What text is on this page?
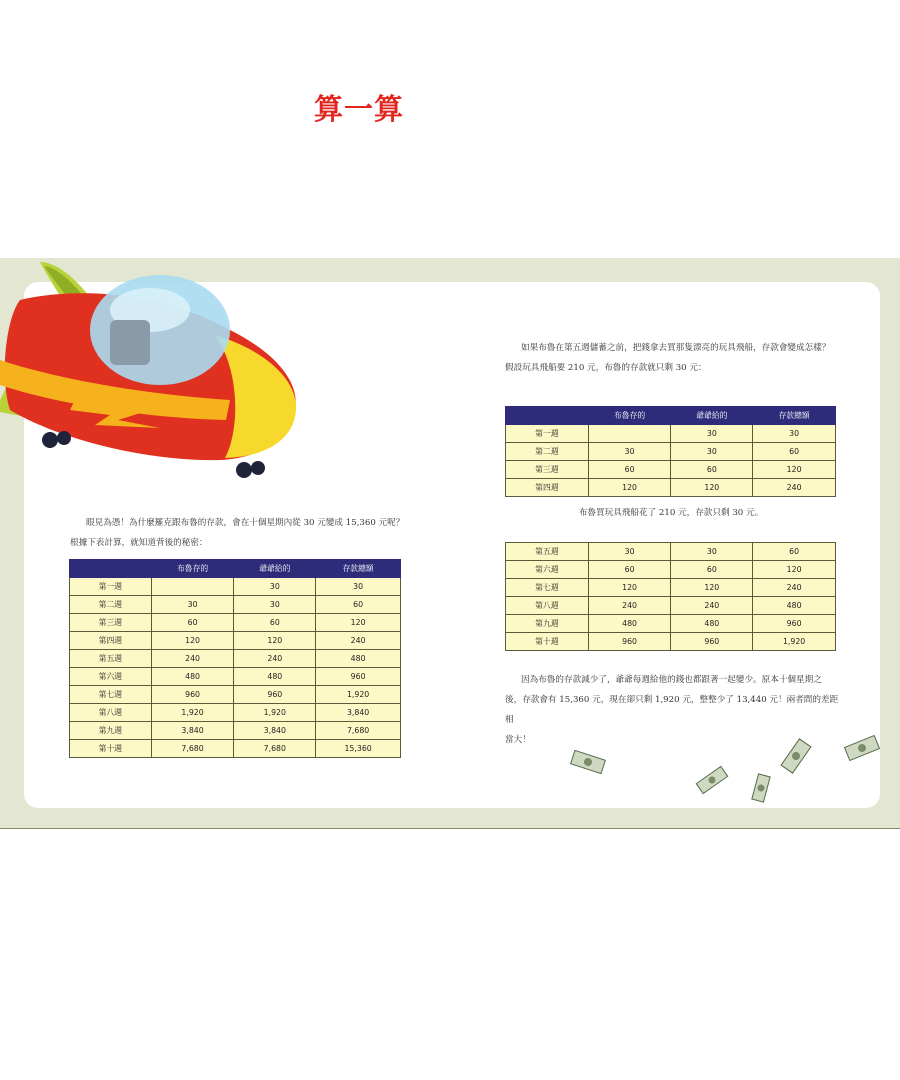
算一算
眼見為憑！為什麼羅克跟布魯的存款，會在十個星期內從 30 元變成 15,360 元呢？
根據下表計算，就知道背後的秘密：
	布魯存的	爺爺給的	存款總額
第一週		30	30
第二週	30	30	60
第三週	60	60	120
第四週	120	120	240
第五週	240	240	480
第六週	480	480	960
第七週	960	960	1,920
第八週	1,920	1,920	3,840
第九週	3,840	3,840	7,680
第十週	7,680	7,680	15,360
如果布魯在第五週儲蓄之前，把錢拿去買那隻漂亮的玩具飛船，存款會變成怎樣？
假設玩具飛船要 210 元，布魯的存款就只剩 30 元：
	布魯存的	爺爺給的	存款總額
第一週		30	30
第二週	30	30	60
第三週	60	60	120
第四週	120	120	240
布魯買玩具飛船花了 210 元，存款只剩 30 元。
第五週	30	30	60
第六週	60	60	120
第七週	120	120	240
第八週	240	240	480
第九週	480	480	960
第十週	960	960	1,920
因為布魯的存款減少了，爺爺每週給他的錢也都跟著一起變少。原本十個星期之
後，存款會有 15,360 元，現在卻只剩 1,920 元，整整少了 13,440 元！兩者間的差距相
當大！
